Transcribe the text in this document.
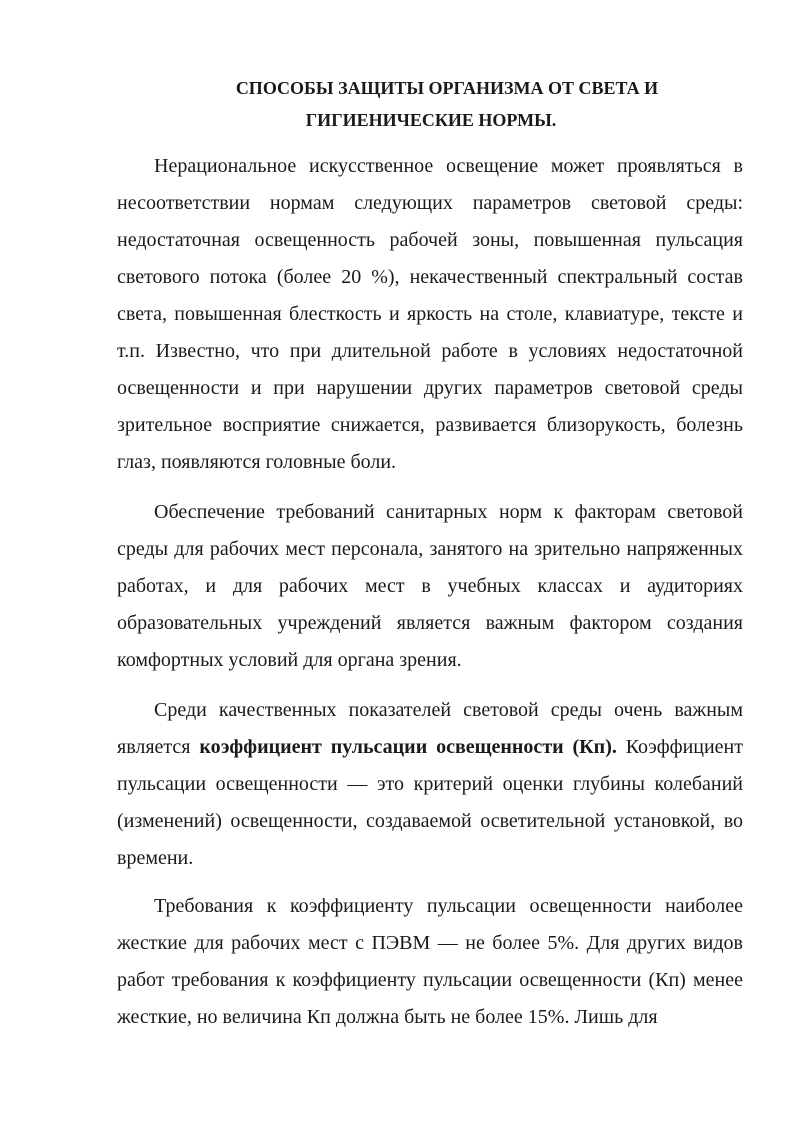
СПОСОБЫ ЗАЩИТЫ ОРГАНИЗМА ОТ СВЕТА И
ГИГИЕНИЧЕСКИЕ НОРМЫ.

Нерациональное искусственное освещение может проявляться в несоответствии нормам следующих параметров световой среды: недостаточная освещенность рабочей зоны, повышенная пульсация светового потока (более 20 %), некачественный спектральный состав света, повышенная блесткость и яркость на столе, клавиатуре, тексте и т.п. Известно, что при длительной работе в условиях недостаточной освещенности и при нарушении других параметров световой среды зрительное восприятие снижается, развивается близорукость, болезнь глаз, появляются головные боли.

Обеспечение требований санитарных норм к факторам световой среды для рабочих мест персонала, занятого на зрительно напряженных работах, и для рабочих мест в учебных классах и аудиториях образовательных учреждений является важным фактором создания комфортных условий для органа зрения.

Среди качественных показателей световой среды очень важным является коэффициент пульсации освещенности (Кп). Коэффициент пульсации освещенности — это критерий оценки глубины колебаний (изменений) освещенности, создаваемой осветительной установкой, во времени.

Требования к коэффициенту пульсации освещенности наиболее жесткие для рабочих мест с ПЭВМ — не более 5%. Для других видов работ требования к коэффициенту пульсации освещенности (Кп) менее жесткие, но величина Кп должна быть не более 15%. Лишь для
